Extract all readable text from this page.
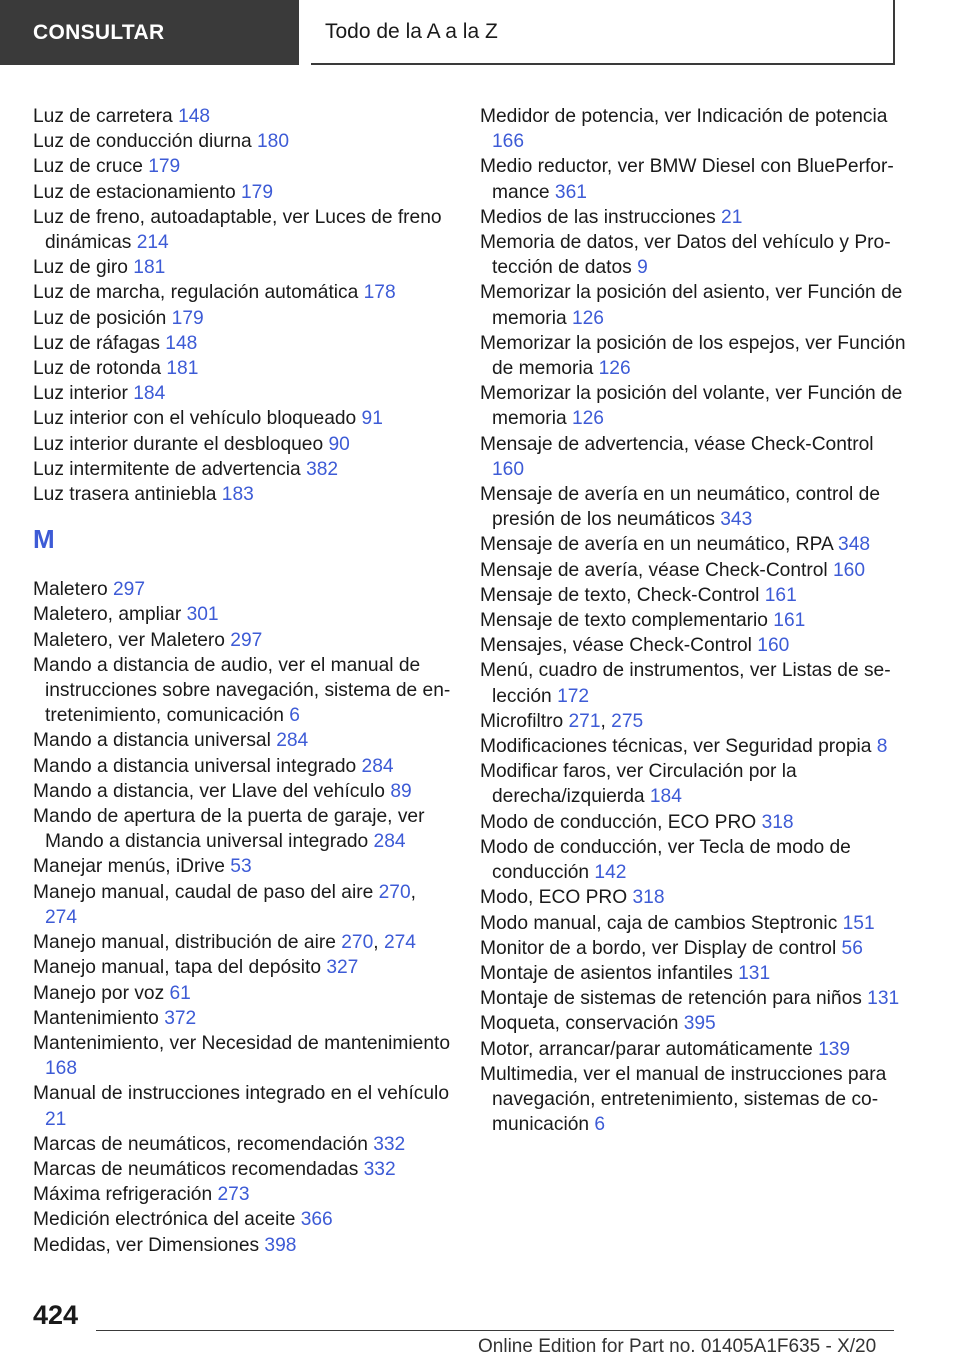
CONSULTAR	Todo de la A a la Z

Luz de carretera 148

Luz de conducción diurna 180

Luz de cruce 179

Luz de estacionamiento 179

Luz de freno, autoadaptable, ver Luces de freno dinámicas 214

Luz de giro 181

Luz de marcha, regulación automática 178

Luz de posición 179

Luz de ráfagas 148

Luz de rotonda 181

Luz interior 184

Luz interior con el vehículo bloqueado 91

Luz interior durante el desbloqueo 90

Luz intermitente de advertencia 382

Luz trasera antiniebla 183

M

Maletero 297

Maletero, ampliar 301

Maletero, ver Maletero 297

Mando a distancia de audio, ver el manual de instrucciones sobre navegación, sistema de entretenimiento, comunicación 6

Mando a distancia universal 284

Mando a distancia universal integrado 284

Mando a distancia, ver Llave del vehículo 89

Mando de apertura de la puerta de garaje, ver Mando a distancia universal integrado 284

Manejar menús, iDrive 53

Manejo manual, caudal de paso del aire 270, 274

Manejo manual, distribución de aire 270, 274

Manejo manual, tapa del depósito 327

Manejo por voz 61

Mantenimiento 372

Mantenimiento, ver Necesidad de mantenimiento 168

Manual de instrucciones integrado en el vehículo 21

Marcas de neumáticos, recomendación 332

Marcas de neumáticos recomendadas 332

Máxima refrigeración 273

Medición electrónica del aceite 366

Medidas, ver Dimensiones 398

Medidor de potencia, ver Indicación de potencia 166

Medio reductor, ver BMW Diesel con BluePerformance 361

Medios de las instrucciones 21

Memoria de datos, ver Datos del vehículo y Protección de datos 9

Memorizar la posición del asiento, ver Función de memoria 126

Memorizar la posición de los espejos, ver Función de memoria 126

Memorizar la posición del volante, ver Función de memoria 126

Mensaje de advertencia, véase Check-Control 160

Mensaje de avería en un neumático, control de presión de los neumáticos 343

Mensaje de avería en un neumático, RPA 348

Mensaje de avería, véase Check-Control 160

Mensaje de texto, Check-Control 161

Mensaje de texto complementario 161

Mensajes, véase Check-Control 160

Menú, cuadro de instrumentos, ver Listas de selección 172

Microfiltro 271, 275

Modificaciones técnicas, ver Seguridad propia 8

Modificar faros, ver Circulación por la derecha/izquierda 184

Modo de conducción, ECO PRO 318

Modo de conducción, ver Tecla de modo de conducción 142

Modo, ECO PRO 318

Modo manual, caja de cambios Steptronic 151

Monitor de a bordo, ver Display de control 56

Montaje de asientos infantiles 131

Montaje de sistemas de retención para niños 131

Moqueta, conservación 395

Motor, arrancar/parar automáticamente 139

Multimedia, ver el manual de instrucciones para navegación, entretenimiento, sistemas de comunicación 6

424
Online Edition for Part no. 01405A1F635 - X/20
